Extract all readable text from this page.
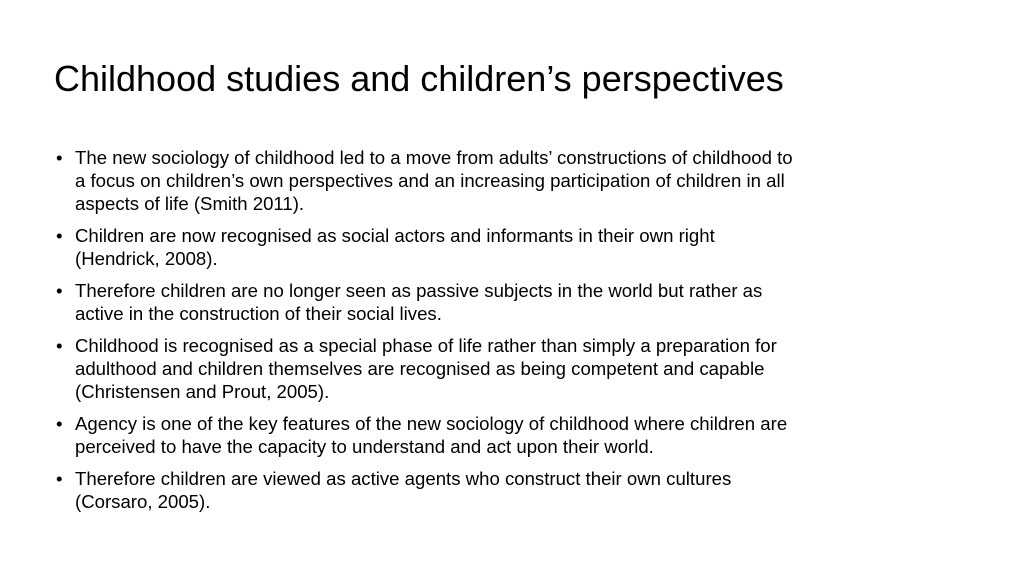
Childhood studies and children’s perspectives
• The new sociology of childhood led to a move from adults’ constructions of childhood to a focus on children’s own perspectives and an increasing participation of children in all aspects of life (Smith 2011).
• Children are now recognised as social actors and informants in their own right (Hendrick, 2008).
• Therefore children are no longer seen as passive subjects in the world but rather as active in the construction of their social lives.
• Childhood is recognised as a special phase of life rather than simply a preparation for adulthood and children themselves are recognised as being competent and capable (Christensen and Prout, 2005).
• Agency is one of the key features of the new sociology of childhood where children are perceived to have the capacity to understand and act upon their world.
• Therefore children are viewed as active agents who construct their own cultures (Corsaro, 2005).
